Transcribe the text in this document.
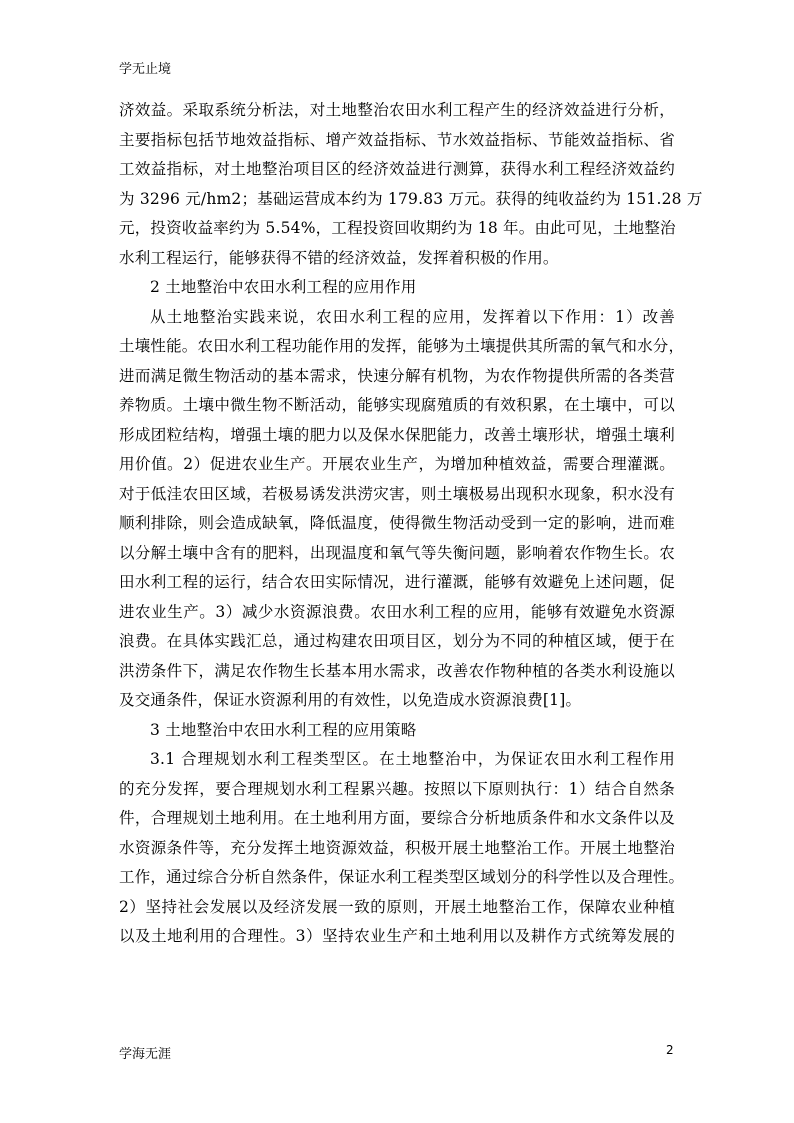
学无止境
济效益。采取系统分析法，对土地整治农田水利工程产生的经济效益进行分析，
主要指标包括节地效益指标、增产效益指标、节水效益指标、节能效益指标、省
工效益指标，对土地整治项目区的经济效益进行测算，获得水利工程经济效益约
为 3296 元/hm2；基础运营成本约为 179.83 万元。获得的纯收益约为 151.28 万
元，投资收益率约为 5.54%，工程投资回收期约为 18 年。由此可见，土地整治
水利工程运行，能够获得不错的经济效益，发挥着积极的作用。
2 土地整治中农田水利工程的应用作用
从土地整治实践来说，农田水利工程的应用，发挥着以下作用：1）改善
土壤性能。农田水利工程功能作用的发挥，能够为土壤提供其所需的氧气和水分，
进而满足微生物活动的基本需求，快速分解有机物，为农作物提供所需的各类营
养物质。土壤中微生物不断活动，能够实现腐殖质的有效积累，在土壤中，可以
形成团粒结构，增强土壤的肥力以及保水保肥能力，改善土壤形状，增强土壤利
用价值。2）促进农业生产。开展农业生产，为增加种植效益，需要合理灌溉。
对于低洼农田区域，若极易诱发洪涝灾害，则土壤极易出现积水现象，积水没有
顺利排除，则会造成缺氧，降低温度，使得微生物活动受到一定的影响，进而难
以分解土壤中含有的肥料，出现温度和氧气等失衡问题，影响着农作物生长。农
田水利工程的运行，结合农田实际情况，进行灌溉，能够有效避免上述问题，促
进农业生产。3）减少水资源浪费。农田水利工程的应用，能够有效避免水资源
浪费。在具体实践汇总，通过构建农田项目区，划分为不同的种植区域，便于在
洪涝条件下，满足农作物生长基本用水需求，改善农作物种植的各类水利设施以
及交通条件，保证水资源利用的有效性，以免造成水资源浪费[1]。
3 土地整治中农田水利工程的应用策略
3.1 合理规划水利工程类型区。在土地整治中，为保证农田水利工程作用
的充分发挥，要合理规划水利工程累兴趣。按照以下原则执行：1）结合自然条
件，合理规划土地利用。在土地利用方面，要综合分析地质条件和水文条件以及
水资源条件等，充分发挥土地资源效益，积极开展土地整治工作。开展土地整治
工作，通过综合分析自然条件，保证水利工程类型区域划分的科学性以及合理性。
2）坚持社会发展以及经济发展一致的原则，开展土地整治工作，保障农业种植
以及土地利用的合理性。3）坚持农业生产和土地利用以及耕作方式统筹发展的
学海无涯	2
